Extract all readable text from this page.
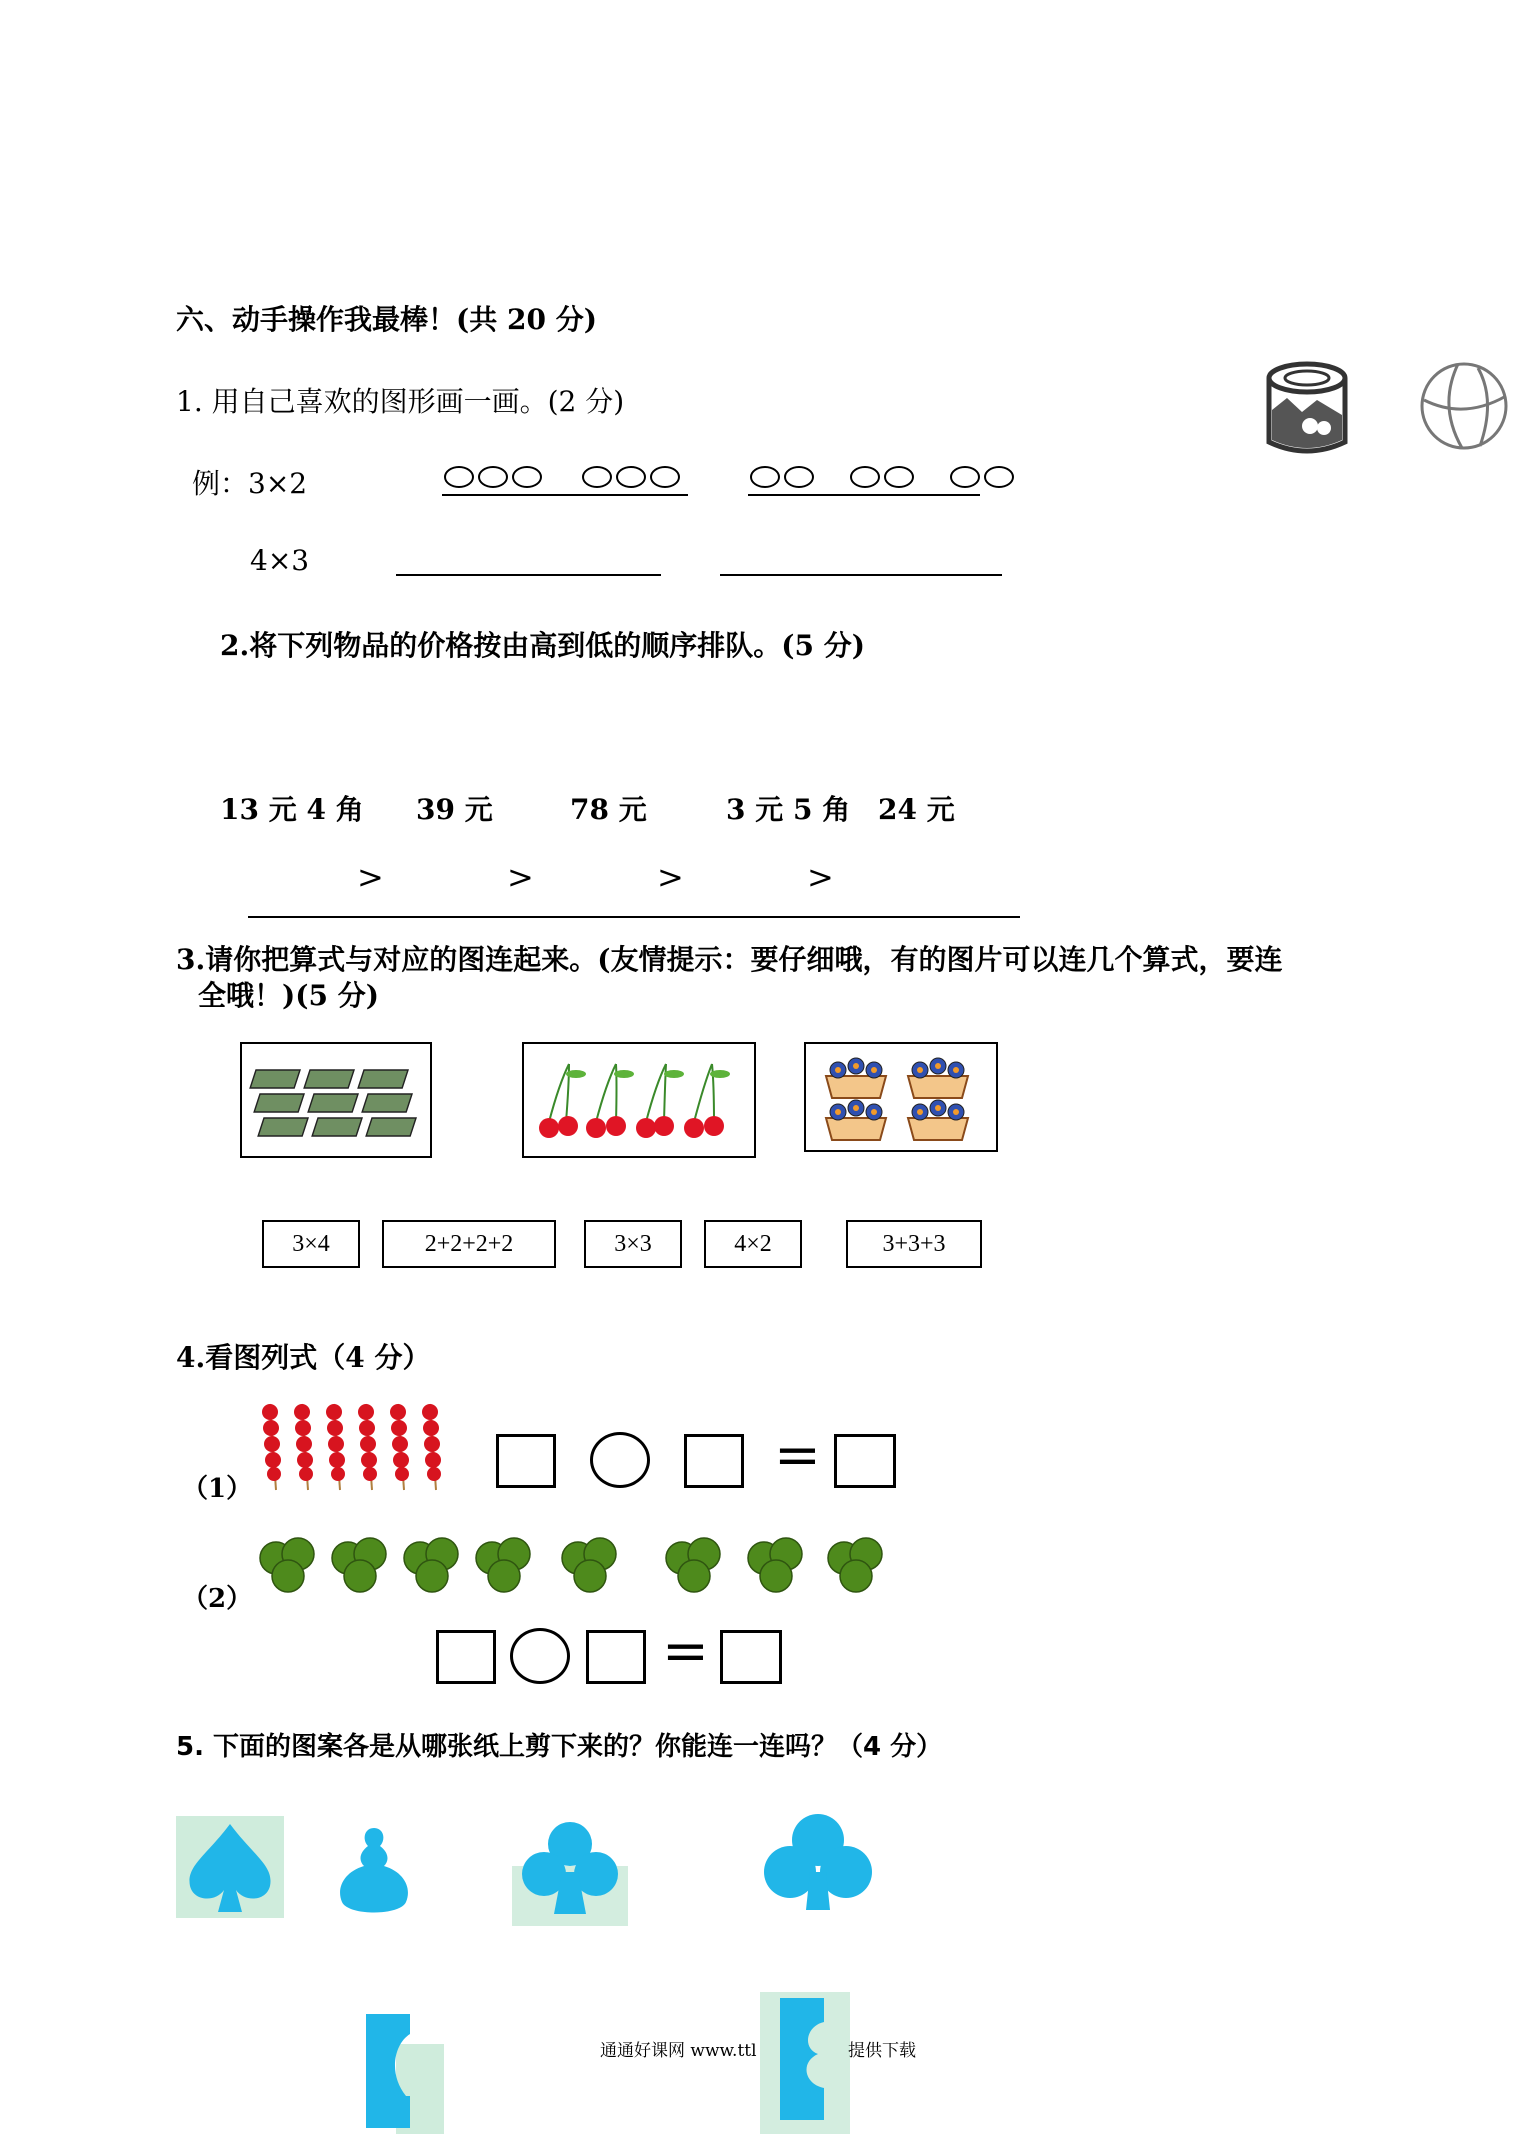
六、动手操作我最棒！(共 20 分)
1. 用自己喜欢的图形画一画。(2 分)
例：3×2

4×3
2.将下列物品的价格按由高到低的顺序排队。(5 分)
13 元 4 角 39 元	78 元	3 元 5 角 24 元
>	>	>	>
3.请你把算式与对应的图连起来。(友情提示：要仔细哦，有的图片可以连几个算式，要连
全哦！)(5 分)
3×4	2+2+2+2	3×3	4×2	3+3+3
4.看图列式（4 分）
（1）
=
（2）
=
5. 下面的图案各是从哪张纸上剪下来的？你能连一连吗？（4 分）
通通好课网 www.ttl	提供下载
